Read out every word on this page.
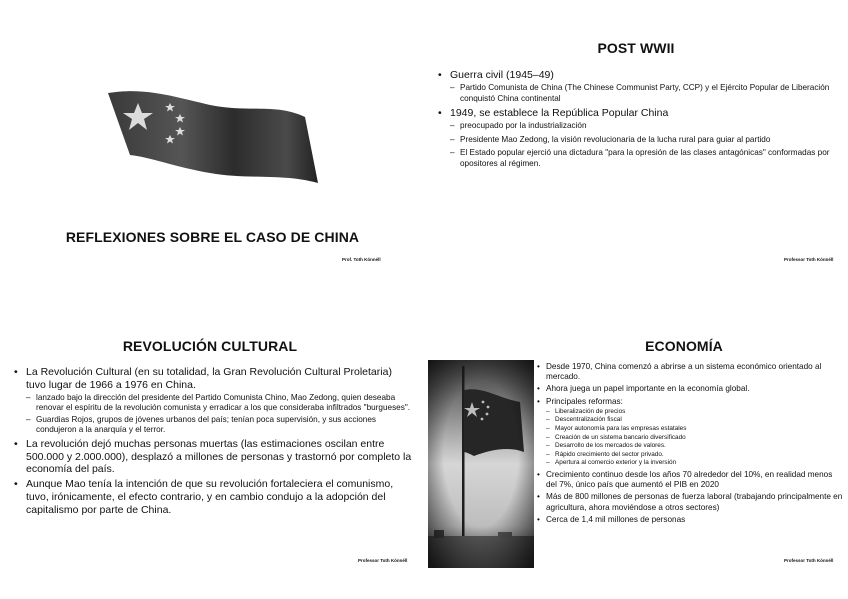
REFLEXIONES SOBRE EL CASO DE CHINA
Prof. Toth Kónnéll
POST WWII
• Guerra civil (1945–49)
– Partido Comunista de China (The Chinese Communist Party, CCP) y el Ejército Popular de Liberación conquistó China continental
• 1949, se establece la República Popular China
– preocupado por la industrialización
– Presidente Mao Zedong, la visión revolucionaria de la lucha rural para guiar al partido
– El Estado popular ejerció una dictadura "para la opresión de las clases antagónicas" conformadas por opositores al régimen.
Professor Toth Kónnéll
REVOLUCIÓN CULTURAL
• La Revolución Cultural (en su totalidad, la Gran Revolución Cultural Proletaria) tuvo lugar de 1966 a 1976 en China.
– lanzado bajo la dirección del presidente del Partido Comunista Chino, Mao Zedong, quien deseaba renovar el espíritu de la revolución comunista y erradicar a los que consideraba infiltrados "burgueses".
– Guardias Rojos, grupos de jóvenes urbanos del país; tenían poca supervisión, y sus acciones condujeron a la anarquía y el terror.
• La revolución dejó muchas personas muertas (las estimaciones oscilan entre 500.000 y 2.000.000), desplazó a millones de personas y trastornó por completo la economía del país.
• Aunque Mao tenía la intención de que su revolución fortaleciera el comunismo, tuvo, irónicamente, el efecto contrario, y en cambio condujo a la adopción del capitalismo por parte de China.
Professor Toth Kónnéll
ECONOMÍA
• Desde 1970, China comenzó a abrirse a un sistema económico orientado al mercado.
• Ahora juega un papel importante en la economía global.
• Principales reformas:
– Liberalización de precios
– Descentralización fiscal
– Mayor autonomía para las empresas estatales
– Creación de un sistema bancario diversificado
– Desarrollo de los mercados de valores.
– Rápido crecimiento del sector privado.
– Apertura al comercio exterior y la inversión
• Crecimiento continuo desde los años 70 alrededor del 10%, en realidad menos del 7%, único país que aumentó el PIB en 2020
• Más de 800 millones de personas de fuerza laboral (trabajando principalmente en agricultura, ahora moviéndose a otros sectores)
• Cerca de 1,4 mil millones de personas
Professor Toth Kónnéll
